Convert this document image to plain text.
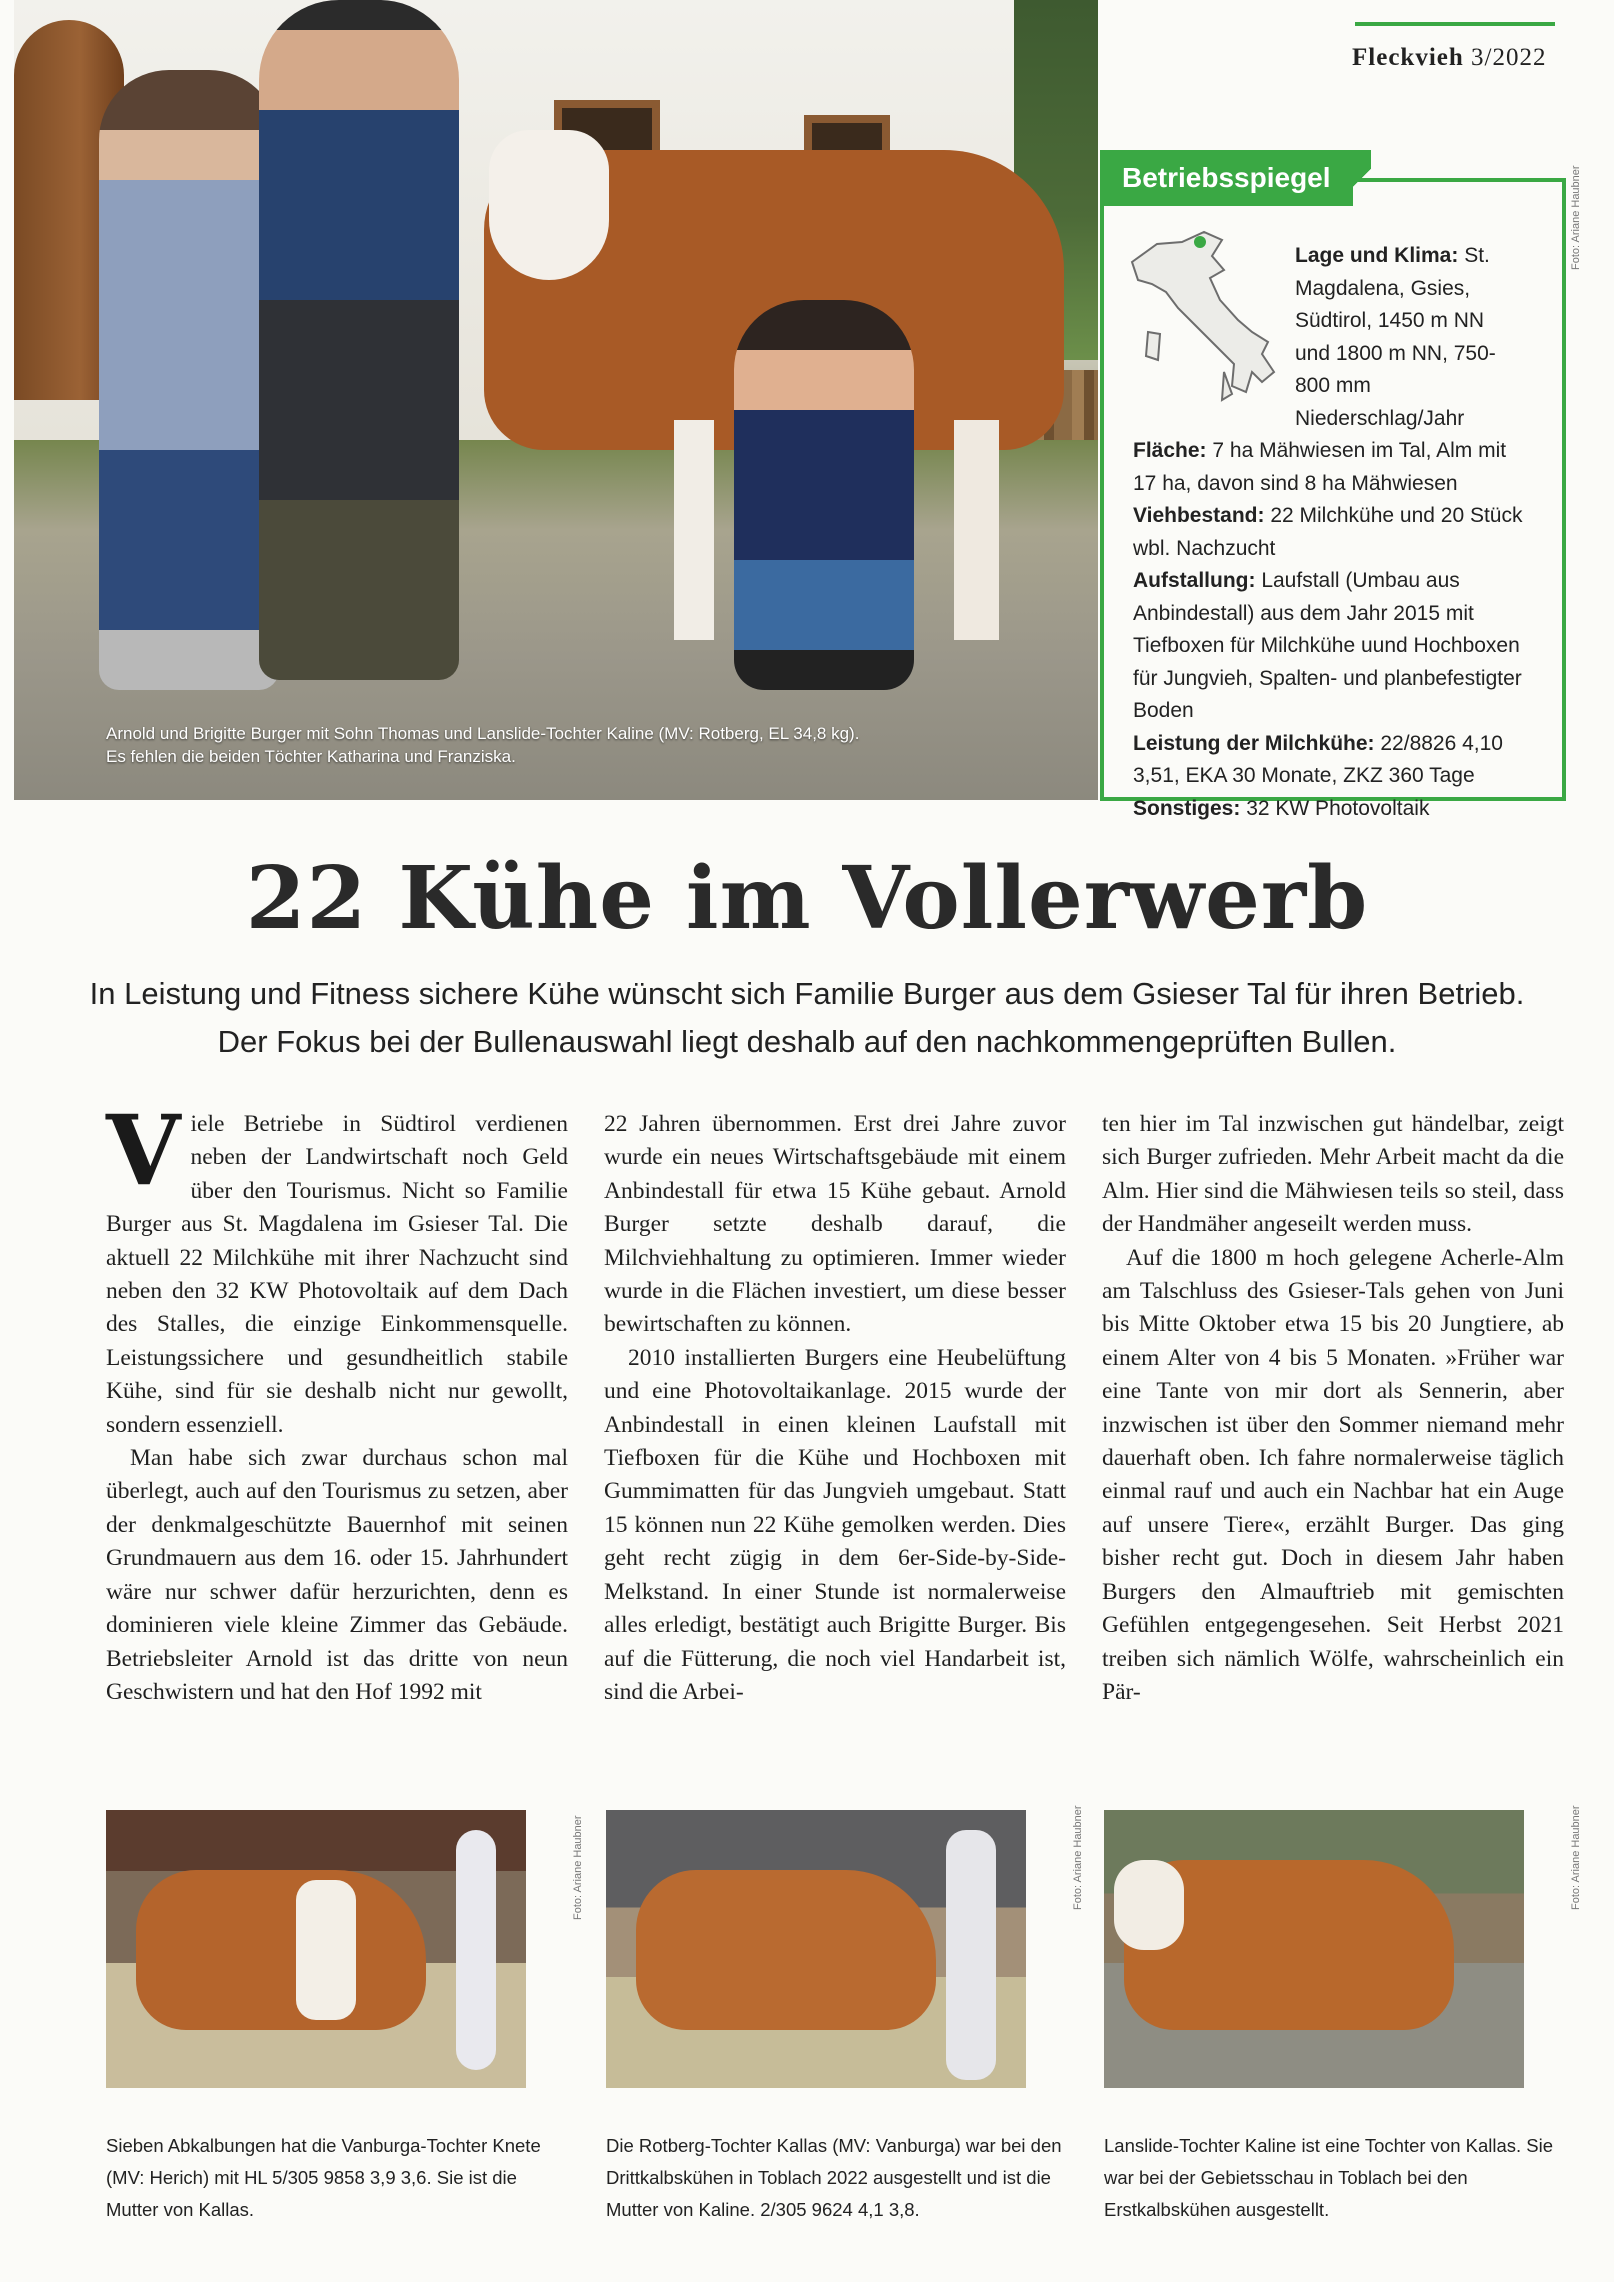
Arnold und Brigitte Burger mit Sohn Thomas und Lanslide-Tochter Kaline (MV: Rotberg, EL 34,8 kg).
Es fehlen die beiden Töchter Katharina und Franziska.
Fleckvieh 3/2022
Foto: Ariane Haubner
Betriebsspiegel
Lage und Klima: St. Magdalena, Gsies, Südtirol, 1450 m NN und 1800 m NN, 750-800 mm Niederschlag/Jahr
Fläche: 7 ha Mähwiesen im Tal, Alm mit 17 ha, davon sind 8 ha Mähwiesen
Viehbestand: 22 Milchkühe und 20 Stück wbl. Nachzucht
Aufstallung: Laufstall (Umbau aus Anbindestall) aus dem Jahr 2015 mit Tiefboxen für Milchkühe uund Hochboxen für Jungvieh, Spalten- und planbefestigter Boden
Leistung der Milchkühe: 22/8826 4,10 3,51, EKA 30 Monate, ZKZ 360 Tage
Sonstiges: 32 KW Photovoltaik
22 Kühe im Vollerwerb
In Leistung und Fitness sichere Kühe wünscht sich Familie Burger aus dem Gsieser Tal für ihren Betrieb.
Der Fokus bei der Bullenauswahl liegt deshalb auf den nachkommengeprüften Bullen.

Viele Betriebe in Südtirol verdienen neben der Landwirtschaft noch Geld über den Tourismus. Nicht so Familie Burger aus St. Magdalena im Gsieser Tal. Die aktuell 22 Milchkühe mit ihrer Nachzucht sind neben den 32 KW Photovoltaik auf dem Dach des Stalles, die einzige Einkommensquelle. Leistungssichere und gesundheitlich stabile Kühe, sind für sie deshalb nicht nur gewollt, sondern essenziell.

Man habe sich zwar durchaus schon mal überlegt, auch auf den Tourismus zu setzen, aber der denkmalgeschützte Bauernhof mit seinen Grundmauern aus dem 16. oder 15. Jahrhundert wäre nur schwer dafür herzurichten, denn es dominieren viele kleine Zimmer das Gebäude. Betriebsleiter Arnold ist das dritte von neun Geschwistern und hat den Hof 1992 mit

22 Jahren übernommen. Erst drei Jahre zuvor wurde ein neues Wirtschaftsgebäude mit einem Anbindestall für etwa 15 Kühe gebaut. Arnold Burger setzte deshalb darauf, die Milchviehhaltung zu optimieren. Immer wieder wurde in die Flächen investiert, um diese besser bewirtschaften zu können.

2010 installierten Burgers eine Heubelüftung und eine Photovoltaikanlage. 2015 wurde der Anbindestall in einen kleinen Laufstall mit Tiefboxen für die Kühe und Hochboxen mit Gummimatten für das Jungvieh umgebaut. Statt 15 können nun 22 Kühe gemolken werden. Dies geht recht zügig in dem 6er-Side-by-Side-Melkstand. In einer Stunde ist normalerweise alles erledigt, bestätigt auch Brigitte Burger. Bis auf die Fütterung, die noch viel Handarbeit ist, sind die Arbei-

ten hier im Tal inzwischen gut händelbar, zeigt sich Burger zufrieden. Mehr Arbeit macht da die Alm. Hier sind die Mähwiesen teils so steil, dass der Handmäher angeseilt werden muss.

Auf die 1800 m hoch gelegene Acherle-Alm am Talschluss des Gsieser-Tals gehen von Juni bis Mitte Oktober etwa 15 bis 20 Jungtiere, ab einem Alter von 4 bis 5 Monaten. »Früher war eine Tante von mir dort als Sennerin, aber inzwischen ist über den Sommer niemand mehr dauerhaft oben. Ich fahre normalerweise täglich einmal rauf und auch ein Nachbar hat ein Auge auf unsere Tiere«, erzählt Burger. Das ging bisher recht gut. Doch in diesem Jahr haben Burgers den Almauftrieb mit gemischten Gefühlen entgegengesehen. Seit Herbst 2021 treiben sich nämlich Wölfe, wahrscheinlich ein Pär-

Foto: Ariane Haubner	Foto: Ariane Haubner	Foto: Ariane Haubner
Sieben Abkalbungen hat die Vanburga-Tochter Knete (MV: Herich) mit HL 5/305 9858 3,9 3,6. Sie ist die Mutter von Kallas.
Die Rotberg-Tochter Kallas (MV: Vanburga) war bei den Drittkalbskühen in Toblach 2022 ausgestellt und ist die Mutter von Kaline. 2/305 9624 4,1 3,8.
Lanslide-Tochter Kaline ist eine Tochter von Kallas. Sie war bei der Gebietsschau in Toblach bei den Erstkalbskühen ausgestellt.
